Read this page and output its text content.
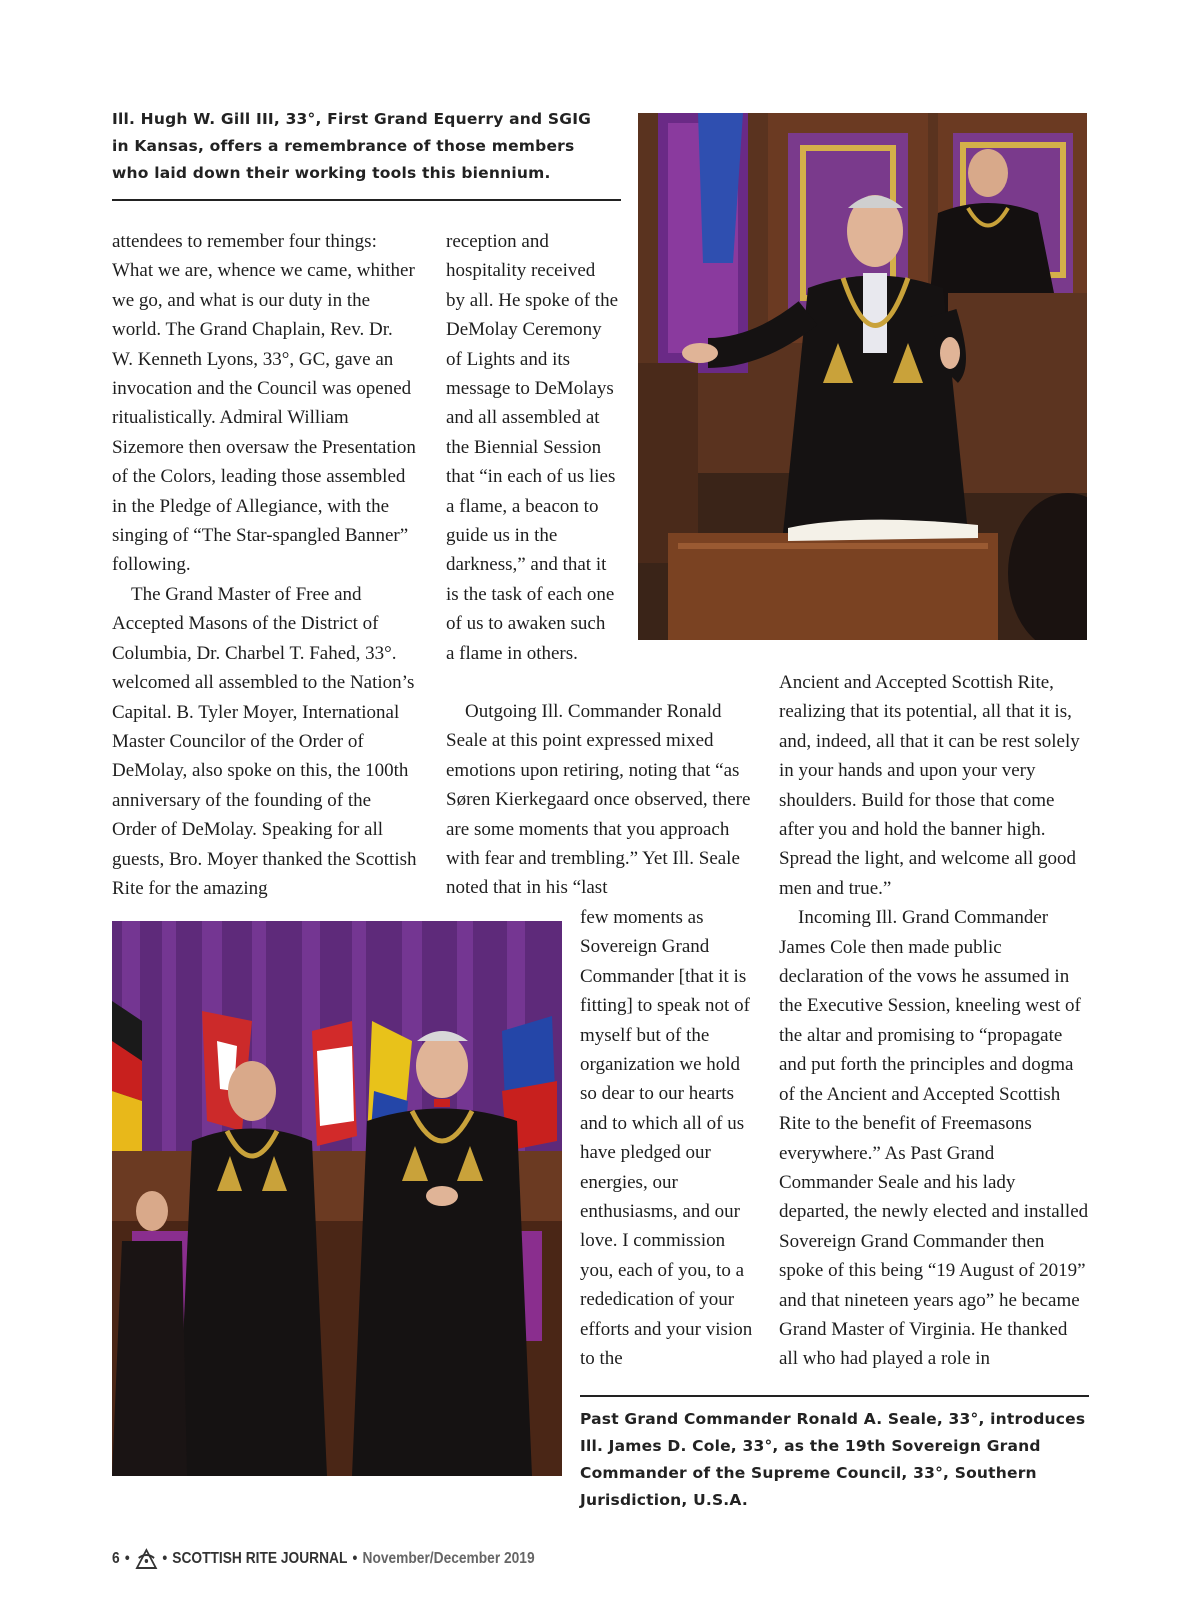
Ill. Hugh W. Gill III, 33°, First Grand Equerry and SGIG in Kansas, offers a remembrance of those members who laid down their working tools this biennium.

attendees to remember four things: What we are, whence we came, whither we go, and what is our duty in the world. The Grand Chaplain, Rev. Dr. W. Kenneth Lyons, 33°, GC, gave an invocation and the Council was opened ritualistically. Admiral William Sizemore then oversaw the Presentation of the Colors, leading those assembled in the Pledge of Allegiance, with the singing of “The Star-spangled Banner” following.

The Grand Master of Free and Accepted Masons of the District of Columbia, Dr. Charbel T. Fahed, 33°. welcomed all assembled to the Nation’s Capital. B. Tyler Moyer, International Master Councilor of the Order of DeMolay, also spoke on this, the 100th anniversary of the founding of the Order of DeMolay. Speaking for all guests, Bro. Moyer thanked the Scottish Rite for the amazing

reception and hospitality received by all. He spoke of the DeMolay Ceremony of Lights and its message to DeMolays and all assembled at the Biennial Session that “in each of us lies a flame, a beacon to guide us in the darkness,” and that it is the task of each one of us to awaken such a flame in others.

Outgoing Ill. Commander Ronald Seale at this point expressed mixed emotions upon retiring, noting that “as Søren Kierkegaard once observed, there are some moments that you approach with fear and trembling.” Yet Ill. Seale noted that in his “last

few moments as Sovereign Grand Commander [that it is fitting] to speak not of myself but of the organization we hold so dear to our hearts and to which all of us have pledged our energies, our enthusiasms, and our love. I commission you, each of you, to a rededication of your efforts and your vision to the

Ancient and Accepted Scottish Rite, realizing that its potential, all that it is, and, indeed, all that it can be rest solely in your hands and upon your very shoulders. Build for those that come after you and hold the banner high. Spread the light, and welcome all good men and true.”

Incoming Ill. Grand Commander James Cole then made public declaration of the vows he assumed in the Executive Session, kneeling west of the altar and promising to “propagate and put forth the principles and dogma of the Ancient and Accepted Scottish Rite to the benefit of Freemasons everywhere.” As Past Grand Commander Seale and his lady departed, the newly elected and installed Sovereign Grand Commander then spoke of this being “19 August of 2019” and that nineteen years ago” he became Grand Master of Virginia. He thanked all who had played a role in

Past Grand Commander Ronald A. Seale, 33°, introduces Ill. James D. Cole, 33°, as the 19th Sovereign Grand Commander of the Supreme Council, 33°, Southern Jurisdiction, U.S.A.
6 • • SCOTTISH RITE JOURNAL • November/December 2019
